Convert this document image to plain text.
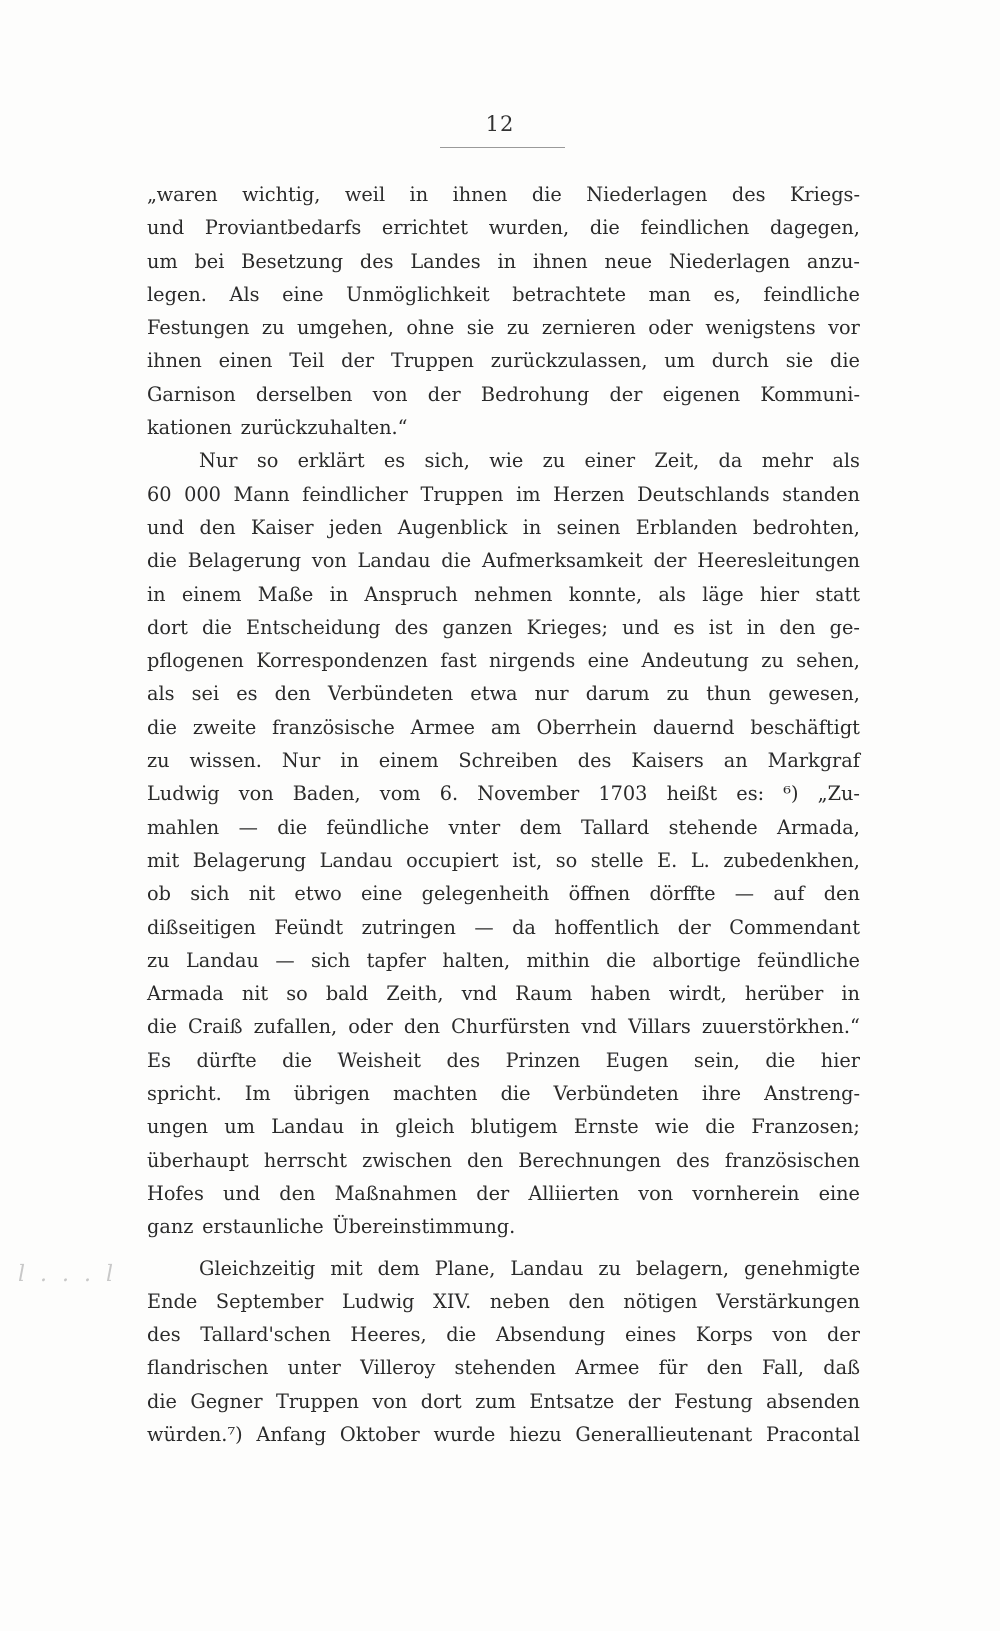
12
l . . . l
„waren wichtig, weil in ihnen die Niederlagen des Kriegs-
und Proviantbedarfs errichtet wurden, die feindlichen dagegen,
um bei Besetzung des Landes in ihnen neue Niederlagen anzu-
legen. Als eine Unmöglichkeit betrachtete man es, feindliche
Festungen zu umgehen, ohne sie zu zernieren oder wenigstens vor
ihnen einen Teil der Truppen zurückzulassen, um durch sie die
Garnison derselben von der Bedrohung der eigenen Kommuni-
kationen zurückzuhalten.“
Nur so erklärt es sich, wie zu einer Zeit, da mehr als
60 000 Mann feindlicher Truppen im Herzen Deutschlands standen
und den Kaiser jeden Augenblick in seinen Erblanden bedrohten,
die Belagerung von Landau die Aufmerksamkeit der Heeresleitungen
in einem Maße in Anspruch nehmen konnte, als läge hier statt
dort die Entscheidung des ganzen Krieges; und es ist in den ge-
pflogenen Korrespondenzen fast nirgends eine Andeutung zu sehen,
als sei es den Verbündeten etwa nur darum zu thun gewesen,
die zweite französische Armee am Oberrhein dauernd beschäftigt
zu wissen. Nur in einem Schreiben des Kaisers an Markgraf
Ludwig von Baden, vom 6. November 1703 heißt es: ⁶) „Zu-
mahlen — die feündliche vnter dem Tallard stehende Armada,
mit Belagerung Landau occupiert ist, so stelle E. L. zubedenkhen,
ob sich nit etwo eine gelegenheith öffnen dörffte — auf den
dißseitigen Feündt zutringen — da hoffentlich der Commendant
zu Landau — sich tapfer halten, mithin die albortige feündliche
Armada nit so bald Zeith, vnd Raum haben wirdt, herüber in
die Craiß zufallen, oder den Churfürsten vnd Villars zuuerstörkhen.“
Es dürfte die Weisheit des Prinzen Eugen sein, die hier
spricht. Im übrigen machten die Verbündeten ihre Anstreng-
ungen um Landau in gleich blutigem Ernste wie die Franzosen;
überhaupt herrscht zwischen den Berechnungen des französischen
Hofes und den Maßnahmen der Alliierten von vornherein eine
ganz erstaunliche Übereinstimmung.
Gleichzeitig mit dem Plane, Landau zu belagern, genehmigte
Ende September Ludwig XIV. neben den nötigen Verstärkungen
des Tallard'schen Heeres, die Absendung eines Korps von der
flandrischen unter Villeroy stehenden Armee für den Fall, daß
die Gegner Truppen von dort zum Entsatze der Festung absenden
würden.⁷) Anfang Oktober wurde hiezu Generallieutenant Pracontal
